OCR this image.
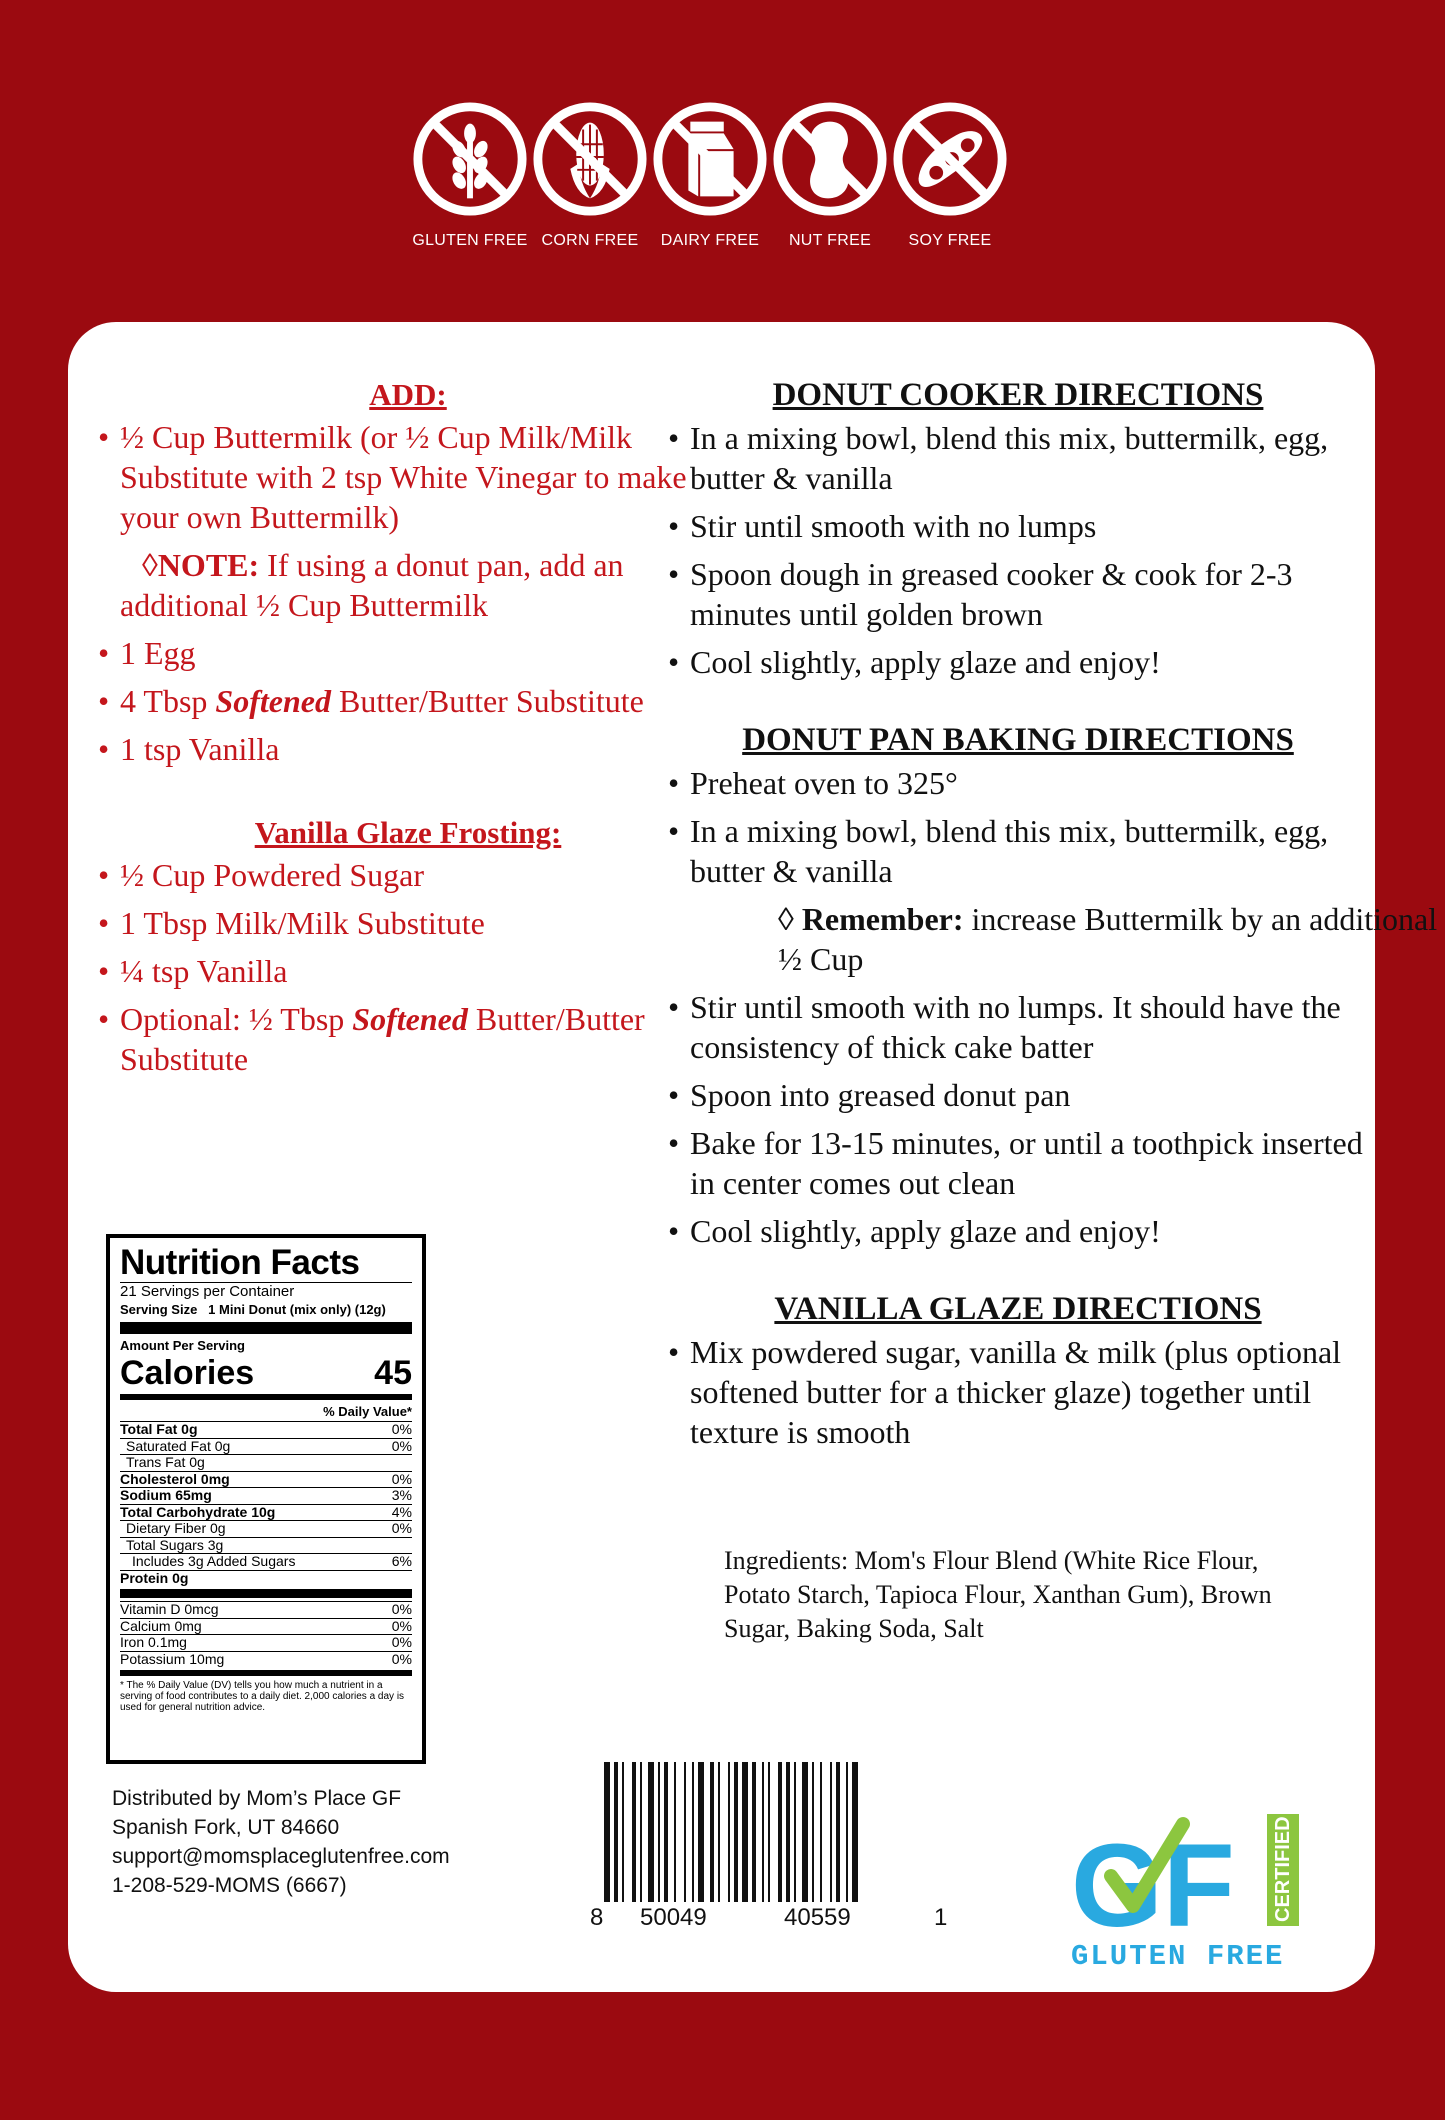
GLUTEN FREE CORN FREE	DAIRY FREE	NUT FREE	SOY FREE
ADD:
• ½ Cup Buttermilk (or ½ Cup Milk/Milk Substitute with 2 tsp White Vinegar to make your own Buttermilk)
◊NOTE: If using a donut pan, add an additional ½ Cup Buttermilk
• 1 Egg
• 4 Tbsp Softened Butter/Butter Substitute
• 1 tsp Vanilla
Vanilla Glaze Frosting:
• ½ Cup Powdered Sugar
• 1 Tbsp Milk/Milk Substitute
• ¼ tsp Vanilla
• Optional: ½ Tbsp Softened Butter/Butter Substitute
DONUT COOKER DIRECTIONS
• In a mixing bowl, blend this mix, buttermilk, egg, butter & vanilla
• Stir until smooth with no lumps
• Spoon dough in greased cooker & cook for 2-3 minutes until golden brown
• Cool slightly, apply glaze and enjoy!
DONUT PAN BAKING DIRECTIONS
• Preheat oven to 325°
• In a mixing bowl, blend this mix, buttermilk, egg, butter & vanilla
◊ Remember: increase Buttermilk by an additional ½ Cup
• Stir until smooth with no lumps. It should have the consistency of thick cake batter
• Spoon into greased donut pan
• Bake for 13-15 minutes, or until a toothpick inserted in center comes out clean
• Cool slightly, apply glaze and enjoy!
VANILLA GLAZE DIRECTIONS
• Mix powdered sugar, vanilla & milk (plus optional softened butter for a thicker glaze) together until texture is smooth
Nutrition Facts
21 Servings per Container
Serving Size 1 Mini Donut (mix only) (12g)
Amount Per Serving
Calories	45
% Daily Value*
Total Fat 0g	0%
Saturated Fat 0g	0%
Trans Fat 0g
Cholesterol 0mg	0%
Sodium 65mg	3%
Total Carbohydrate 10g	4%
Dietary Fiber 0g	0%
Total Sugars 3g
Includes 3g Added Sugars	6%
Protein 0g
Vitamin D 0mcg	0%
Calcium 0mg	0%
Iron 0.1mg	0%
Potassium 10mg	0%
* The % Daily Value (DV) tells you how much a nutrient in a serving of food contributes to a daily diet. 2,000 calories a day is used for general nutrition advice.
Ingredients: Mom's Flour Blend (White Rice Flour, Potato Starch, Tapioca Flour, Xanthan Gum), Brown Sugar, Baking Soda, Salt
8 50049	40559	1
Distributed by Mom’s Place GF
Spanish Fork, UT 84660
support@momsplaceglutenfree.com
1-208-529-MOMS (6667)	GF CERTIFIED
GLUTEN FREE
